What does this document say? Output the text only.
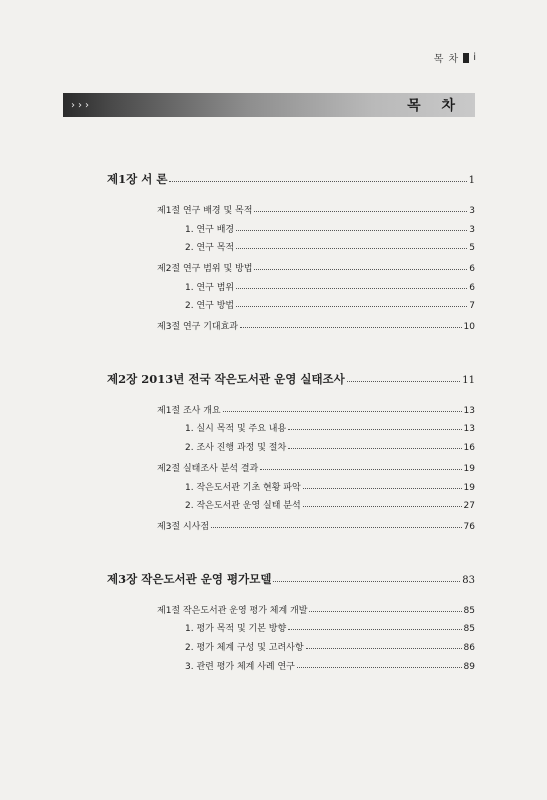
목 차 i
›››	목 차
제1장 서 론	1
제1절 연구 배경 및 목적	3
1. 연구 배경	3
2. 연구 목적	5
제2절 연구 범위 및 방법	6
1. 연구 범위	6
2. 연구 방법	7
제3절 연구 기대효과	10
제2장 2013년 전국 작은도서관 운영 실태조사	11
제1절 조사 개요	13
1. 실시 목적 및 주요 내용	13
2. 조사 진행 과정 및 절차	16
제2절 실태조사 분석 결과	19
1. 작은도서관 기초 현황 파악	19
2. 작은도서관 운영 실태 분석	27
제3절 시사점	76
제3장 작은도서관 운영 평가모델	83
제1절 작은도서관 운영 평가 체계 개발	85
1. 평가 목적 및 기본 방향	85
2. 평가 체계 구성 및 고려사항	86
3. 관련 평가 체계 사례 연구	89
